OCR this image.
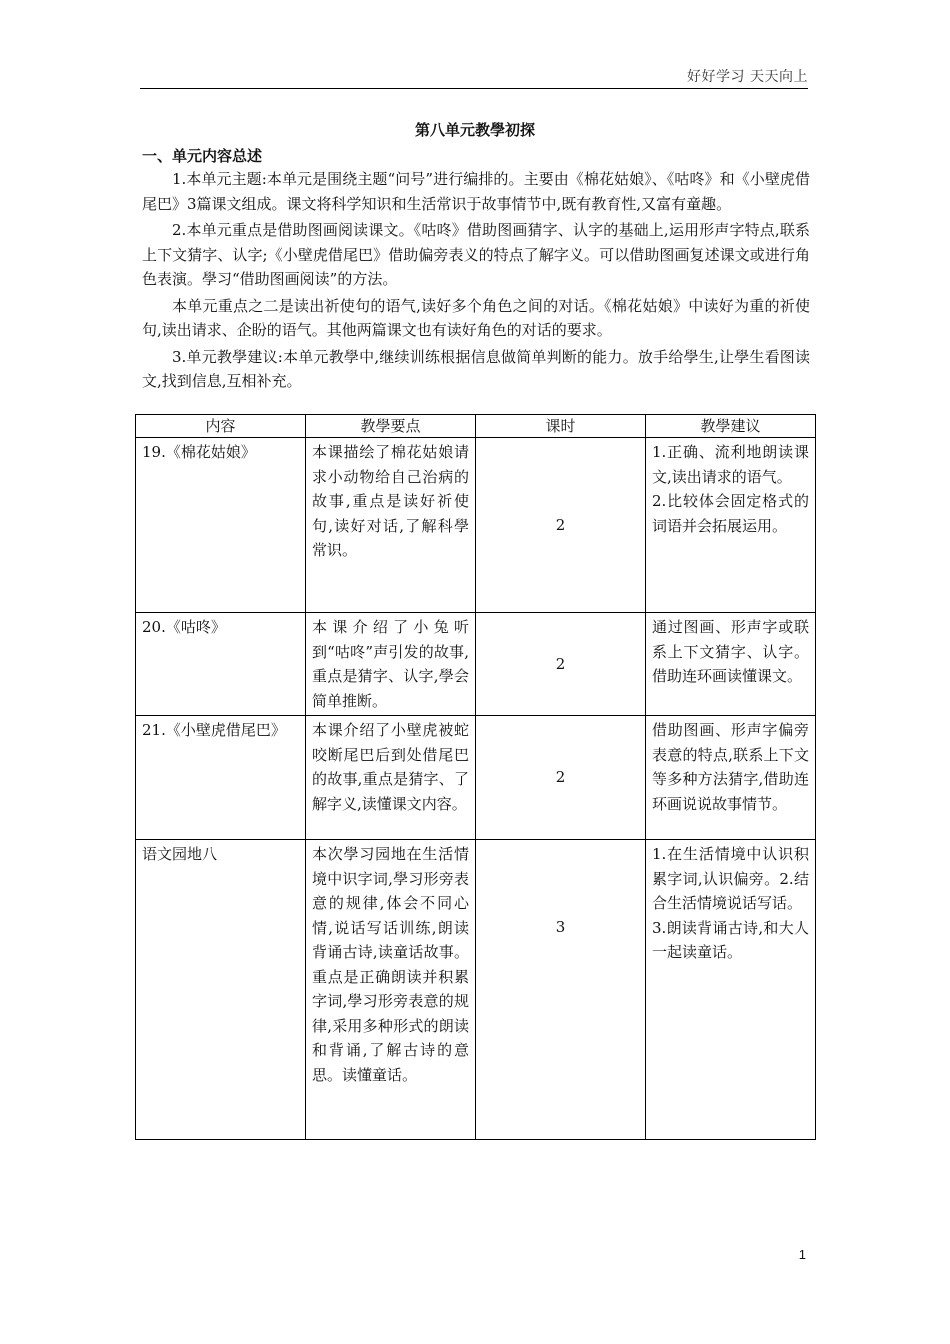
好好学习 天天向上
第八单元教學初探
一、单元内容总述

1.本单元主题:本单元是围绕主题“问号”进行编排的。主要由《棉花姑娘》、《咕咚》和《小壁虎借尾巴》3篇课文组成。课文将科学知识和生活常识于故事情节中,既有教育性,又富有童趣。

2.本单元重点是借助图画阅读课文。《咕咚》借助图画猜字、认字的基础上,运用形声字特点,联系上下文猜字、认字;《小壁虎借尾巴》借助偏旁表义的特点了解字义。可以借助图画复述课文或进行角色表演。學习“借助图画阅读”的方法。

本单元重点之二是读出祈使句的语气,读好多个角色之间的对话。《棉花姑娘》中读好为重的祈使句,读出请求、企盼的语气。其他两篇课文也有读好角色的对话的要求。

3.单元教學建议:本单元教學中,继续训练根据信息做简单判断的能力。放手给學生,让學生看图读文,找到信息,互相补充。

内容	教學要点	课时	教學建议
19.《棉花姑娘》	本课描绘了棉花姑娘请求小动物给自己治病的故事,重点是读好祈使句,读好对话,了解科學常识。	2	1.正确、流利地朗读课文,读出请求的语气。

2.比较体会固定格式的词语并会拓展运用。

20.《咕咚》	本课介绍了小兔听到“咕咚”声引发的故事,重点是猜字、认字,學会简单推断。	2	通过图画、形声字或联系上下文猜字、认字。借助连环画读懂课文。

21.《小壁虎借尾巴》	本课介绍了小壁虎被蛇咬断尾巴后到处借尾巴的故事,重点是猜字、了解字义,读懂课文内容。	2	借助图画、形声字偏旁表意的特点,联系上下文等多种方法猜字,借助连环画说说故事情节。

语文园地八	本次學习园地在生活情境中识字词,學习形旁表意的规律,体会不同心情,说话写话训练,朗读背诵古诗,读童话故事。重点是正确朗读并积累字词,學习形旁表意的规律,采用多种形式的朗读和背诵,了解古诗的意思。读懂童话。	3	1.在生活情境中认识积累字词,认识偏旁。2.结合生活情境说话写话。

3.朗读背诵古诗,和大人一起读童话。

1
